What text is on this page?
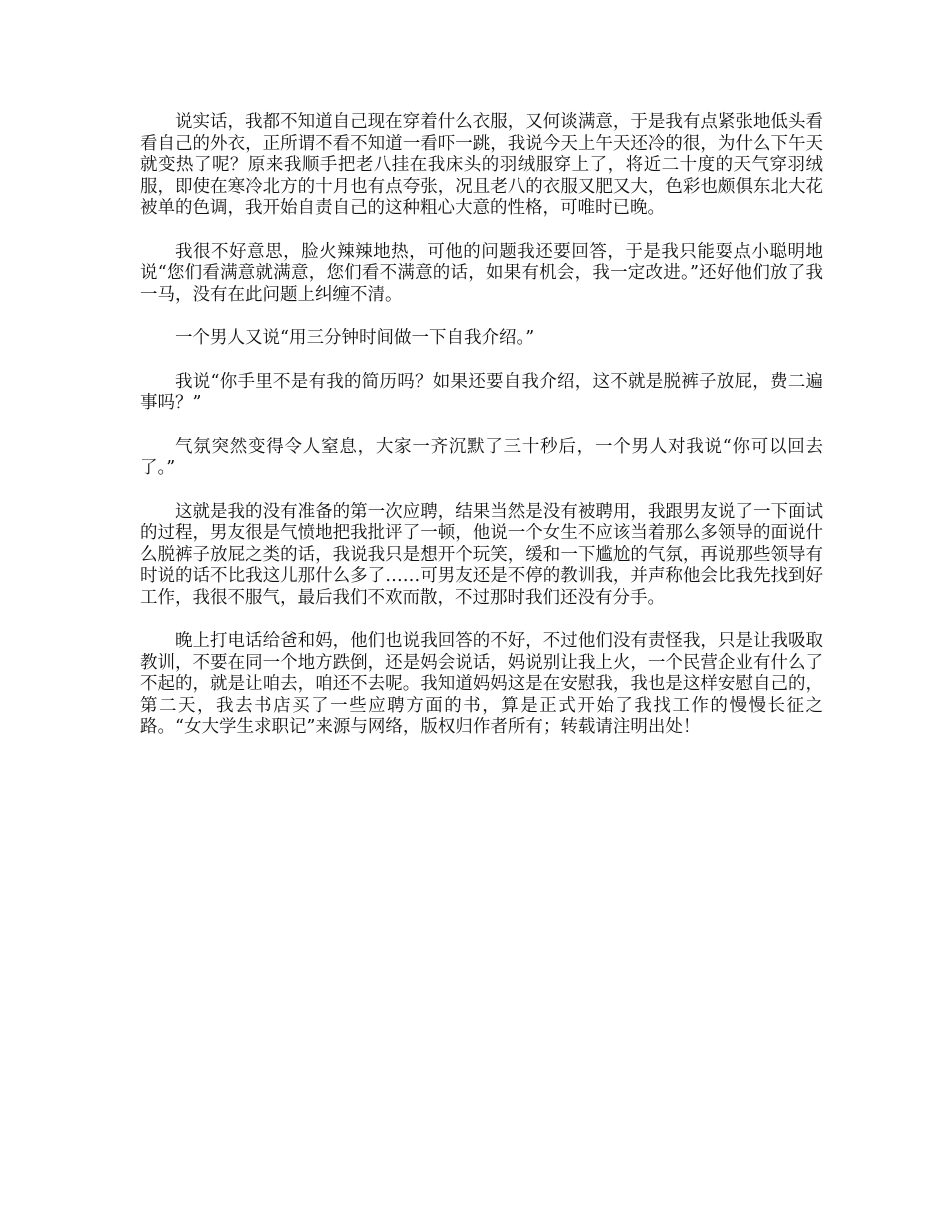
说实话，我都不知道自己现在穿着什么衣服，又何谈满意，于是我有点紧张地低头看看自己的外衣，正所谓不看不知道一看吓一跳，我说今天上午天还冷的很，为什么下午天就变热了呢？原来我顺手把老八挂在我床头的羽绒服穿上了，将近二十度的天气穿羽绒服，即使在寒冷北方的十月也有点夸张，况且老八的衣服又肥又大，色彩也颇俱东北大花被单的色调，我开始自责自己的这种粗心大意的性格，可唯时已晚。

我很不好意思，脸火辣辣地热，可他的问题我还要回答，于是我只能耍点小聪明地说“您们看满意就满意，您们看不满意的话，如果有机会，我一定改进。”还好他们放了我一马，没有在此问题上纠缠不清。

一个男人又说“用三分钟时间做一下自我介绍。”

我说“你手里不是有我的简历吗？如果还要自我介绍，这不就是脱裤子放屁，费二遍事吗？”

气氛突然变得令人窒息，大家一齐沉默了三十秒后，一个男人对我说“你可以回去了。”

这就是我的没有准备的第一次应聘，结果当然是没有被聘用，我跟男友说了一下面试的过程，男友很是气愤地把我批评了一顿，他说一个女生不应该当着那么多领导的面说什么脱裤子放屁之类的话，我说我只是想开个玩笑，缓和一下尴尬的气氛，再说那些领导有时说的话不比我这儿那什么多了……可男友还是不停的教训我，并声称他会比我先找到好工作，我很不服气，最后我们不欢而散，不过那时我们还没有分手。

晚上打电话给爸和妈，他们也说我回答的不好，不过他们没有责怪我，只是让我吸取教训，不要在同一个地方跌倒，还是妈会说话，妈说别让我上火，一个民营企业有什么了不起的，就是让咱去，咱还不去呢。我知道妈妈这是在安慰我，我也是这样安慰自己的，第二天，我去书店买了一些应聘方面的书，算是正式开始了我找工作的慢慢长征之路。“女大学生求职记”来源与网络，版权归作者所有；转载请注明出处！
